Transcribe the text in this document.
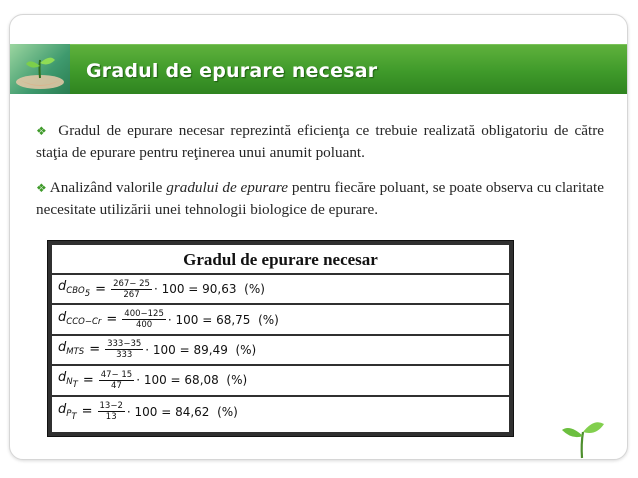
Gradul de epurare necesar

❖ Gradul de epurare necesar reprezintă eficienţa ce trebuie realizată obligatoriu de către staţia de epurare pentru reţinerea unui anumit poluant.

❖ Analizând valorile gradului de epurare pentru fiecăre poluant, se poate observa cu claritate necesitate utilizării unei tehnologii biologice de epurare.

Gradul de epurare necesar
$d_{CBO_5} = \frac{267- 25}{267} \cdot 100 = 90,63$  (%)
$d_{CCO-Cr} = \frac{400-125}{400} \cdot 100 = 68,75$  (%)
$d_{MTS} = \frac{333-35}{333} \cdot 100 = 89,49$  (%)
$d_{N_T} = \frac{47- 15}{47} \cdot 100 = 68,08$  (%)
$d_{P_T} = \frac{13-2}{13} \cdot 100 = 84,62$  (%)
